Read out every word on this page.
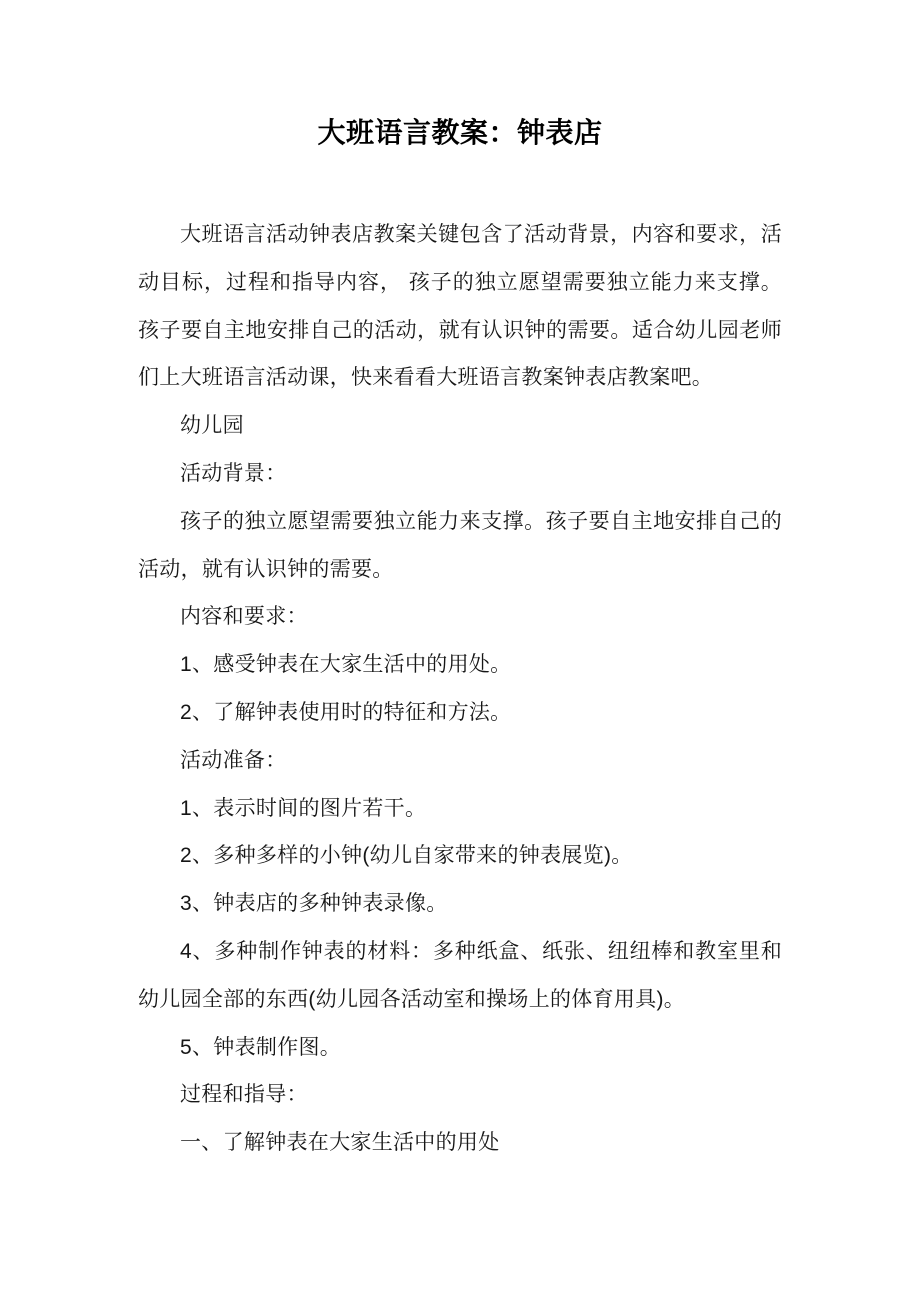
大班语言教案：钟表店
大班语言活动钟表店教案关键包含了活动背景，内容和要求，活
动目标，过程和指导内容， 孩子的独立愿望需要独立能力来支撑。
孩子要自主地安排自己的活动，就有认识钟的需要。适合幼儿园老师
们上大班语言活动课，快来看看大班语言教案钟表店教案吧。
幼儿园
活动背景：
孩子的独立愿望需要独立能力来支撑。孩子要自主地安排自己的
活动，就有认识钟的需要。
内容和要求：
1、感受钟表在大家生活中的用处。
2、了解钟表使用时的特征和方法。
活动准备：
1、表示时间的图片若干。
2、多种多样的小钟(幼儿自家带来的钟表展览)。
3、钟表店的多种钟表录像。
4、多种制作钟表的材料：多种纸盒、纸张、纽纽棒和教室里和
幼儿园全部的东西(幼儿园各活动室和操场上的体育用具)。
5、钟表制作图。
过程和指导：
一、了解钟表在大家生活中的用处
